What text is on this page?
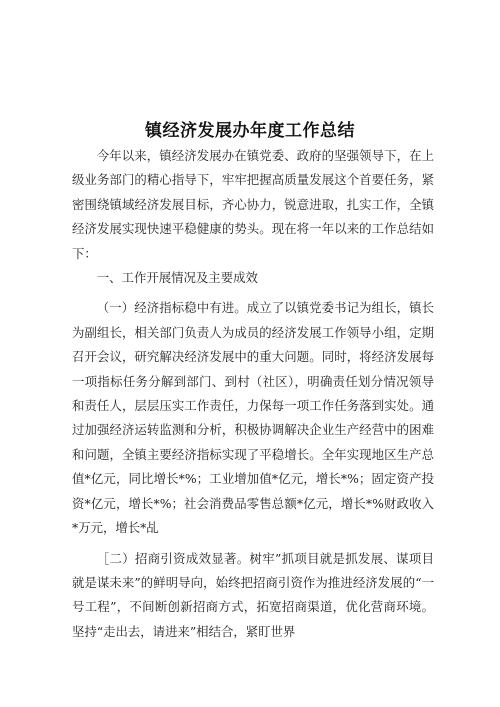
镇经济发展办年度工作总结

今年以来，镇经济发展办在镇党委、政府的坚强领导下，在上级业务部门的精心指导下，牢牢把握高质量发展这个首要任务，紧密围绕镇域经济发展目标，齐心协力，锐意进取，扎实工作，全镇经济发展实现快速平稳健康的势头。现在将一年以来的工作总结如下：

一、工作开展情况及主要成效

（一）经济指标稳中有进。成立了以镇党委书记为组长，镇长为副组长，相关部门负责人为成员的经济发展工作领导小组，定期召开会议，研究解决经济发展中的重大问题。同时，将经济发展每一项指标任务分解到部门、到村（社区），明确责任划分情况领导和责任人，层层压实工作责任，力保每一项工作任务落到实处。通过加强经济运转监测和分析，积极协调解决企业生产经营中的困难和问题，全镇主要经济指标实现了平稳增长。全年实现地区生产总值*亿元，同比增长*%；工业增加值*亿元，增长*%；固定资产投资*亿元，增长*%；社会消费品零售总额*亿元，增长*%财政收入*万元，增长*乩

［二）招商引资成效显著。树牢”抓项目就是抓发展、谋项目就是谋未来”的鲜明导向，始终把招商引资作为推进经济发展的“一号工程”，不间断创新招商方式，拓宽招商渠道，优化营商环境。坚持“走出去，请进来”相结合，紧盯世界
